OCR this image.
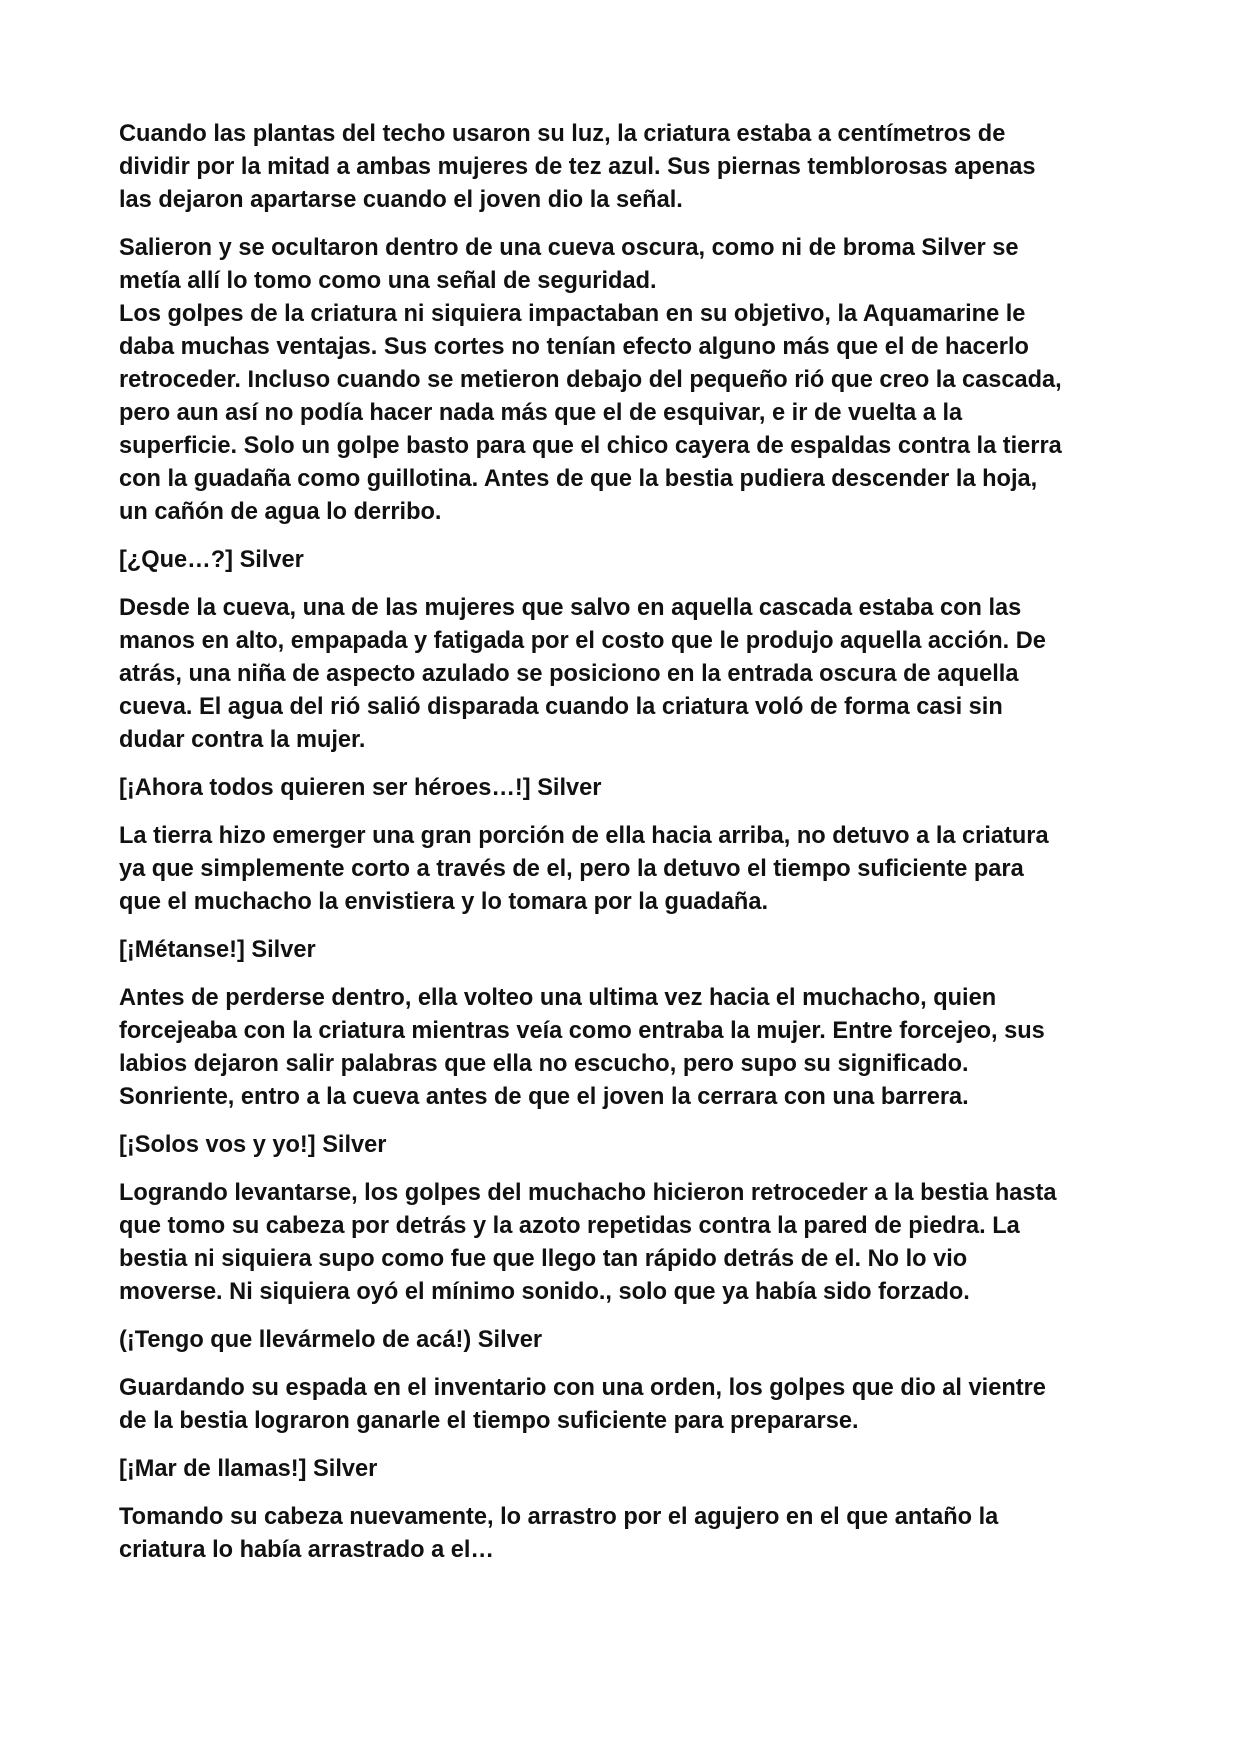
Cuando las plantas del techo usaron su luz, la criatura estaba a centímetros de
dividir por la mitad a ambas mujeres de tez azul. Sus piernas temblorosas apenas
las dejaron apartarse cuando el joven dio la señal.

Salieron y se ocultaron dentro de una cueva oscura, como ni de broma Silver se
metía allí lo tomo como una señal de seguridad.

Los golpes de la criatura ni siquiera impactaban en su objetivo, la Aquamarine le
daba muchas ventajas. Sus cortes no tenían efecto alguno más que el de hacerlo
retroceder. Incluso cuando se metieron debajo del pequeño rió que creo la cascada,
pero aun así no podía hacer nada más que el de esquivar, e ir de vuelta a la
superficie. Solo un golpe basto para que el chico cayera de espaldas contra la tierra
con la guadaña como guillotina. Antes de que la bestia pudiera descender la hoja,
un cañón de agua lo derribo.

[¿Que…?] Silver

Desde la cueva, una de las mujeres que salvo en aquella cascada estaba con las
manos en alto, empapada y fatigada por el costo que le produjo aquella acción. De
atrás, una niña de aspecto azulado se posiciono en la entrada oscura de aquella
cueva. El agua del rió salió disparada cuando la criatura voló de forma casi sin
dudar contra la mujer.

[¡Ahora todos quieren ser héroes…!] Silver

La tierra hizo emerger una gran porción de ella hacia arriba, no detuvo a la criatura
ya que simplemente corto a través de el, pero la detuvo el tiempo suficiente para
que el muchacho la envistiera y lo tomara por la guadaña.

[¡Métanse!] Silver

Antes de perderse dentro, ella volteo una ultima vez hacia el muchacho, quien
forcejeaba con la criatura mientras veía como entraba la mujer. Entre forcejeo, sus
labios dejaron salir palabras que ella no escucho, pero supo su significado.
Sonriente, entro a la cueva antes de que el joven la cerrara con una barrera.

[¡Solos vos y yo!] Silver

Logrando levantarse, los golpes del muchacho hicieron retroceder a la bestia hasta
que tomo su cabeza por detrás y la azoto repetidas contra la pared de piedra. La
bestia ni siquiera supo como fue que llego tan rápido detrás de el. No lo vio
moverse. Ni siquiera oyó el mínimo sonido., solo que ya había sido forzado.

(¡Tengo que llevármelo de acá!) Silver

Guardando su espada en el inventario con una orden, los golpes que dio al vientre
de la bestia lograron ganarle el tiempo suficiente para prepararse.

[¡Mar de llamas!] Silver

Tomando su cabeza nuevamente, lo arrastro por el agujero en el que antaño la
criatura lo había arrastrado a el…
